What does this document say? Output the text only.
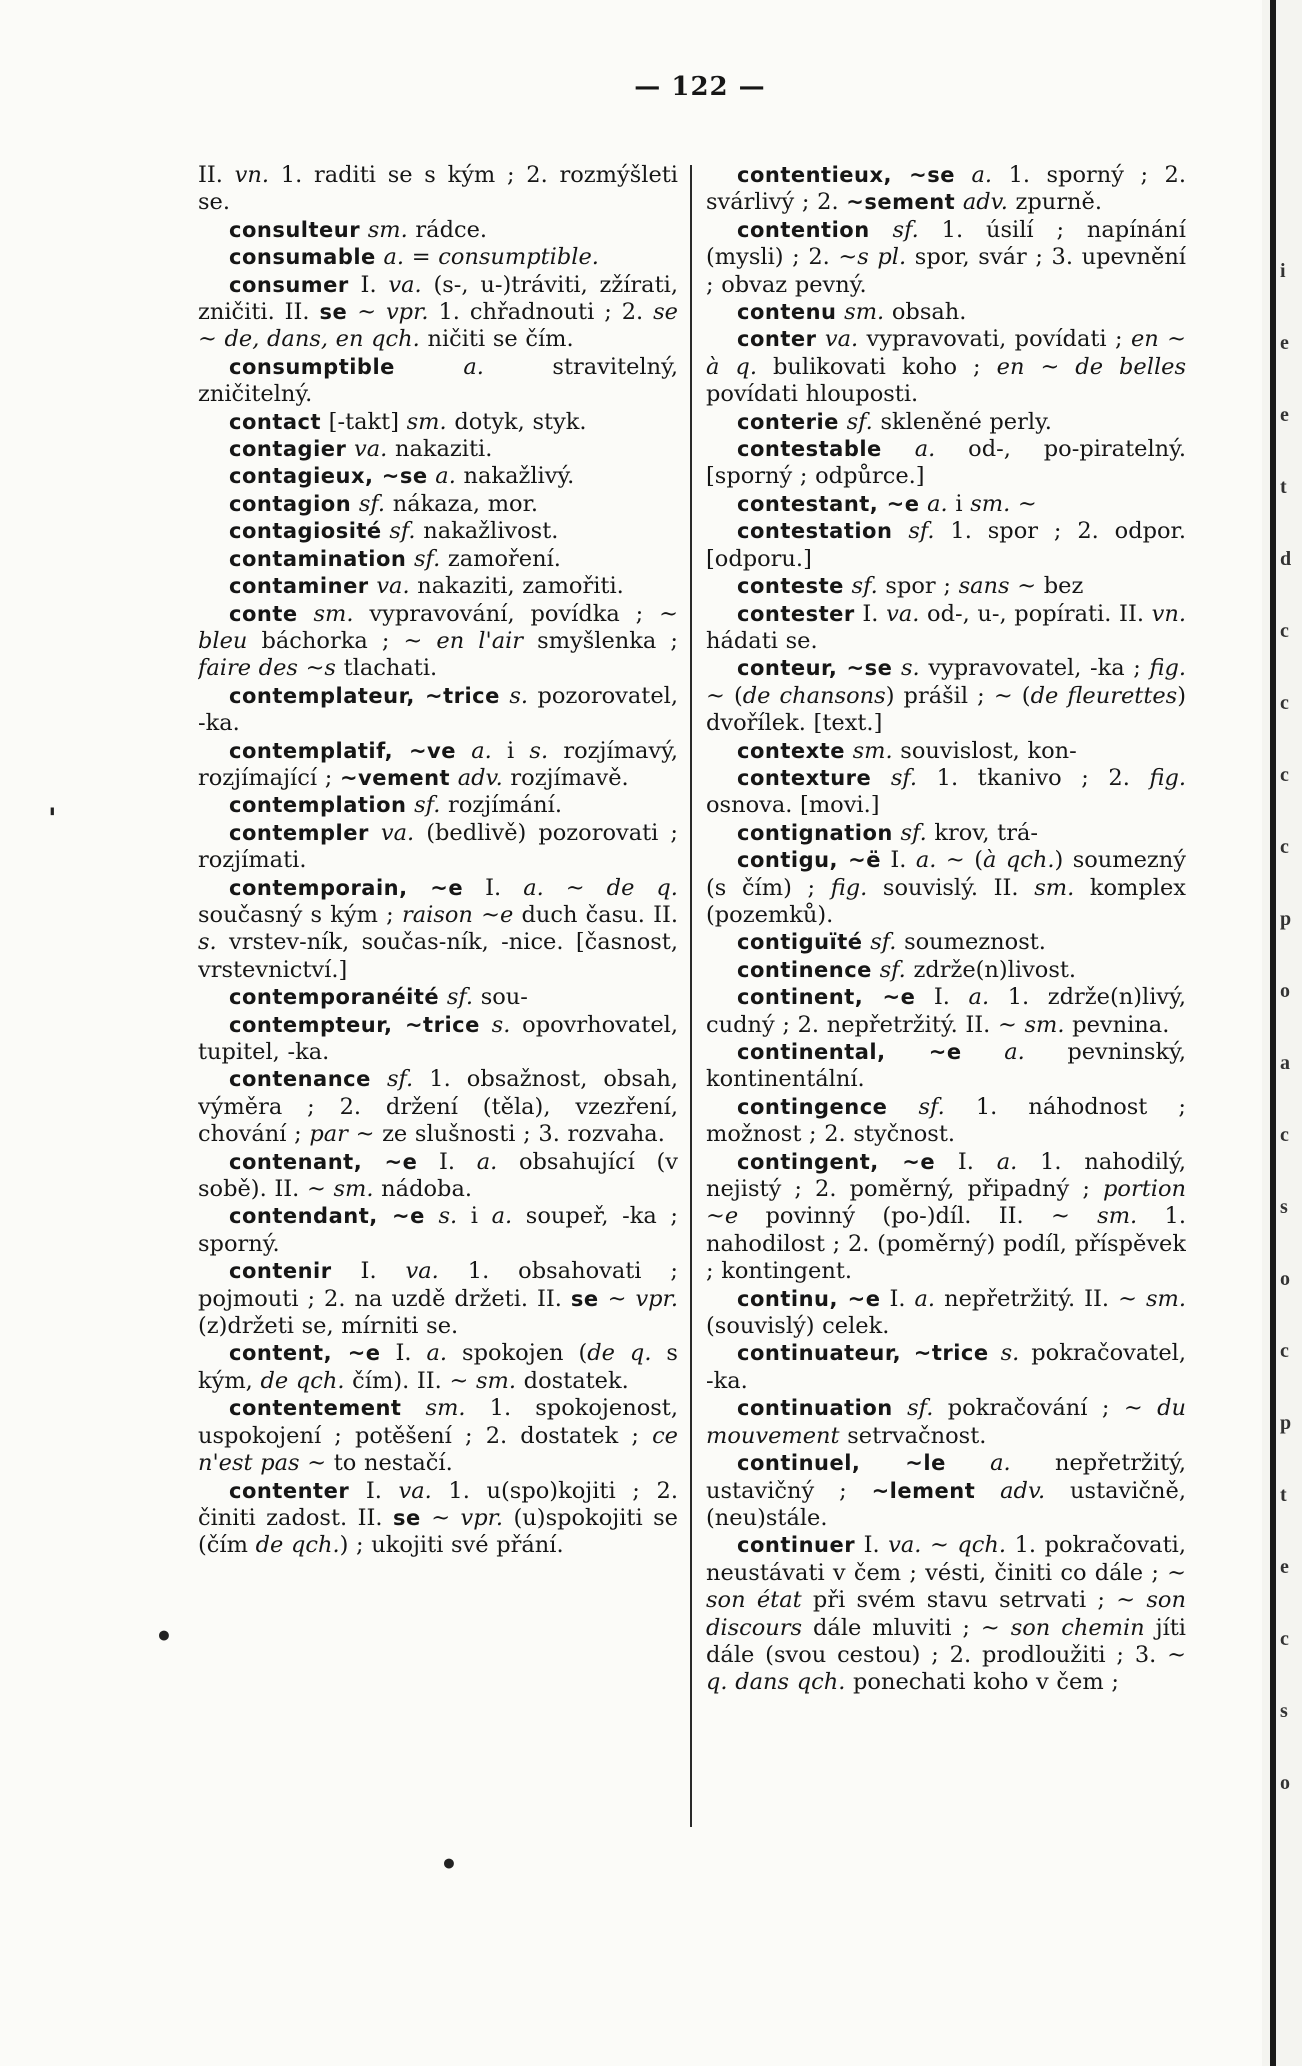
i
e
e
t
d
c
c
c
c
p
o
a
c
s
o
c
p
t
e
c
s
o
— 122 —

II. vn. 1. raditi se s kým ; 2. rozmýšleti se.

consulteur sm. rádce.

consumable a. = consumptible.

consumer I. va. (s-, u-)tráviti, zžírati, zničiti. II. se ~ vpr. 1. chřadnouti ; 2. se ~ de, dans, en qch. ničiti se čím.

consumptible	a. stravitelný, zničitelný.

contact [-takt] sm. dotyk, styk.

contagier va. nakaziti.

contagieux, ~se a. nakažlivý.

contagion sf. nákaza, mor.

contagiosité sf. nakažlivost.

contamination sf. zamoření.

contaminer va. nakaziti, zamořiti.

conte sm. vypravování, povídka ; ~ bleu báchorka ; ~ en l'air smyšlenka ; faire des ~s tlachati.

contemplateur, ~trice s. pozorovatel, -ka.

contemplatif, ~ve a. i s. rozjímavý, rozjímající ; ~vement adv. rozjímavě.

contemplation sf. rozjímání.

contempler va. (bedlivě) pozorovati ; rozjímati.

contemporain, ~e I. a. ~ de q. současný s kým ; raison ~e duch času. II. s. vrstev-ník, součas-ník, -nice. [časnost, vrstevnictví.]

contemporanéité sf. sou-

contempteur, ~trice s. opovrhovatel, tupitel, -ka.

contenance sf. 1. obsažnost, obsah, výměra ; 2. držení (těla), vzezření, chování ; par ~ ze slušnosti ; 3. rozvaha.

contenant, ~e I. a. obsahující (v sobě). II. ~ sm. nádoba.

contendant, ~e s. i a. soupeř, -ka ; sporný.

contenir I. va. 1. obsahovati ; pojmouti ; 2. na uzdě držeti. II. se ~ vpr. (z)držeti se, mírniti se.

content, ~e I. a. spokojen (de q. s kým, de qch. čím). II. ~ sm. dostatek.

contentement sm. 1. spokojenost, uspokojení ; potěšení ; 2. dostatek ; ce n'est pas ~ to nestačí.

contenter I. va. 1. u(spo)kojiti ; 2. činiti zadost. II. se ~ vpr. (u)spokojiti se (čím de qch.) ; ukojiti své přání.

contentieux, ~se a. 1. sporný ; 2. svárlivý ; 2. ~sement adv. zpurně.

contention sf. 1. úsilí ; napínání (mysli) ; 2. ~s pl. spor, svár ; 3. upevnění ; obvaz pevný.

contenu sm. obsah.

conter va. vypravovati, povídati ; en ~ à q. bulikovati koho ; en ~ de belles povídati hlouposti.

conterie sf. skleněné perly.

contestable a. od-, po-piratelný. [sporný ; odpůrce.]

contestant, ~e a. i sm. ~

contestation sf. 1. spor ; 2. odpor. [odporu.]

conteste sf. spor ; sans ~ bez

contester I. va. od-, u-, popírati. II. vn. hádati se.

conteur, ~se s. vypravovatel, -ka ; fig. ~ (de chansons) prášil ; ~ (de fleurettes) dvořílek. [text.]

contexte sm. souvislost, kon-

contexture sf. 1. tkanivo ; 2. fig. osnova. [movi.]

contignation sf. krov, trá-

contigu, ~ë I. a. ~ (à qch.) soumezný (s čím) ; fig. souvislý. II. sm. komplex (pozemků).

contiguïté sf. soumeznost.

continence sf. zdrže(n)livost.

continent, ~e I. a. 1. zdrže(n)livý, cudný ; 2. nepřetržitý. II. ~ sm. pevnina.

continental, ~e a. pevninský, kontinentální.

contingence sf. 1. náhodnost ; možnost ; 2. styčnost.

contingent, ~e I. a. 1. nahodilý, nejistý ; 2. poměrný, připadný ; portion ~e povinný (po-)díl. II. ~ sm. 1. nahodilost ; 2. (poměrný) podíl, příspěvek ; kontingent.

continu, ~e I. a. nepřetržitý. II. ~ sm. (souvislý) celek.

continuateur, ~trice s. pokračovatel, -ka.

continuation sf. pokračování ; ~ du mouvement setrvačnost.

continuel, ~le a. nepřetržitý, ustavičný ; ~lement adv. ustavičně, (neu)stále.

continuer I. va. ~ qch. 1. pokračovati, neustávati v čem ; vésti, činiti co dále ; ~ son état při svém stavu setrvati ; ~ son discours dále mluviti ; ~ son chemin jíti dále (svou cestou) ; 2. prodloužiti ; 3. ~ q. dans qch. ponechati koho v čem ;

'
•
•
